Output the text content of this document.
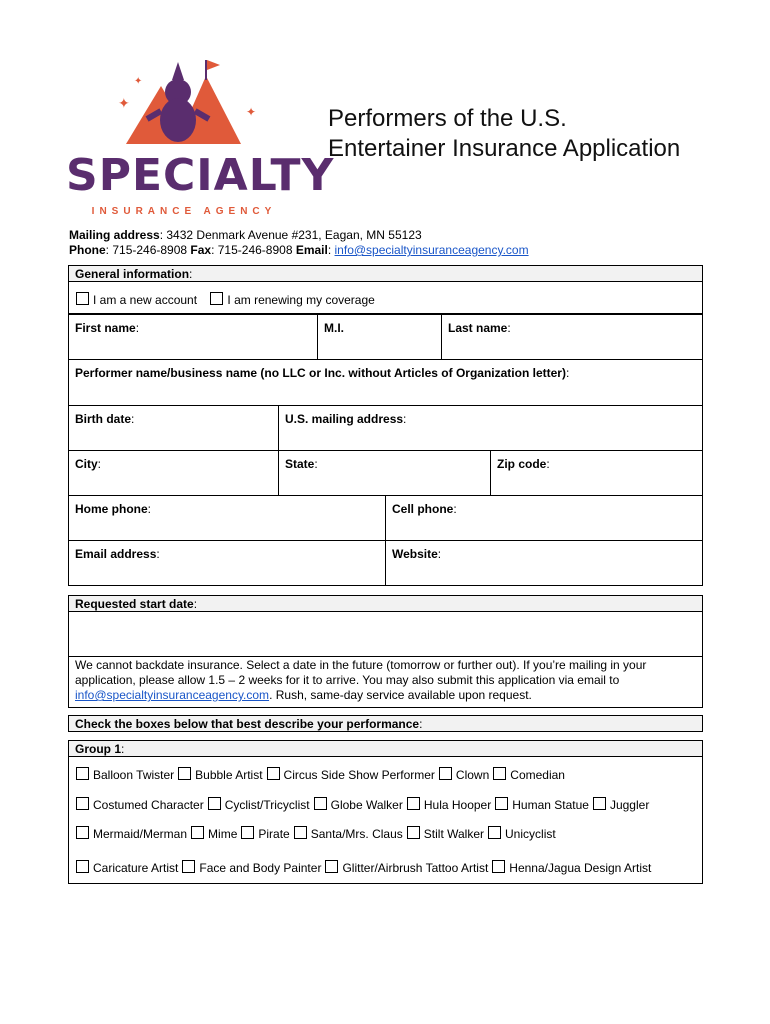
✦
✦
✦
SPECIALTY
INSURANCE AGENCY
Performers of the U.S.
Entertainer Insurance Application
Mailing address: 3432 Denmark Avenue #231, Eagan, MN 55123
Phone: 715-246-8908 Fax: 715-246-8908 Email: info@specialtyinsuranceagency.com
General information:
I am a new account	I am renewing my coverage
First name:	M.I.	Last name:
Performer name/business name (no LLC or Inc. without Articles of Organization letter):
Birth date:	U.S. mailing address:
City:	State:	Zip code:
Home phone:	Cell phone:
Email address:	Website:
Requested start date:
We cannot backdate insurance. Select a date in the future (tomorrow or further out). If you’re mailing in your
application, please allow 1.5 – 2 weeks for it to arrive. You may also submit this application via email to
info@specialtyinsuranceagency.com. Rush, same-day service available upon request.
Check the boxes below that best describe your performance:
Group 1:
Balloon Twister Bubble Artist Circus Side Show Performer Clown Comedian
Costumed Character Cyclist/Tricyclist Globe Walker Hula Hooper Human Statue Juggler
Mermaid/Merman Mime Pirate Santa/Mrs. Claus Stilt Walker Unicyclist
Caricature Artist Face and Body Painter Glitter/Airbrush Tattoo Artist Henna/Jagua Design Artist
